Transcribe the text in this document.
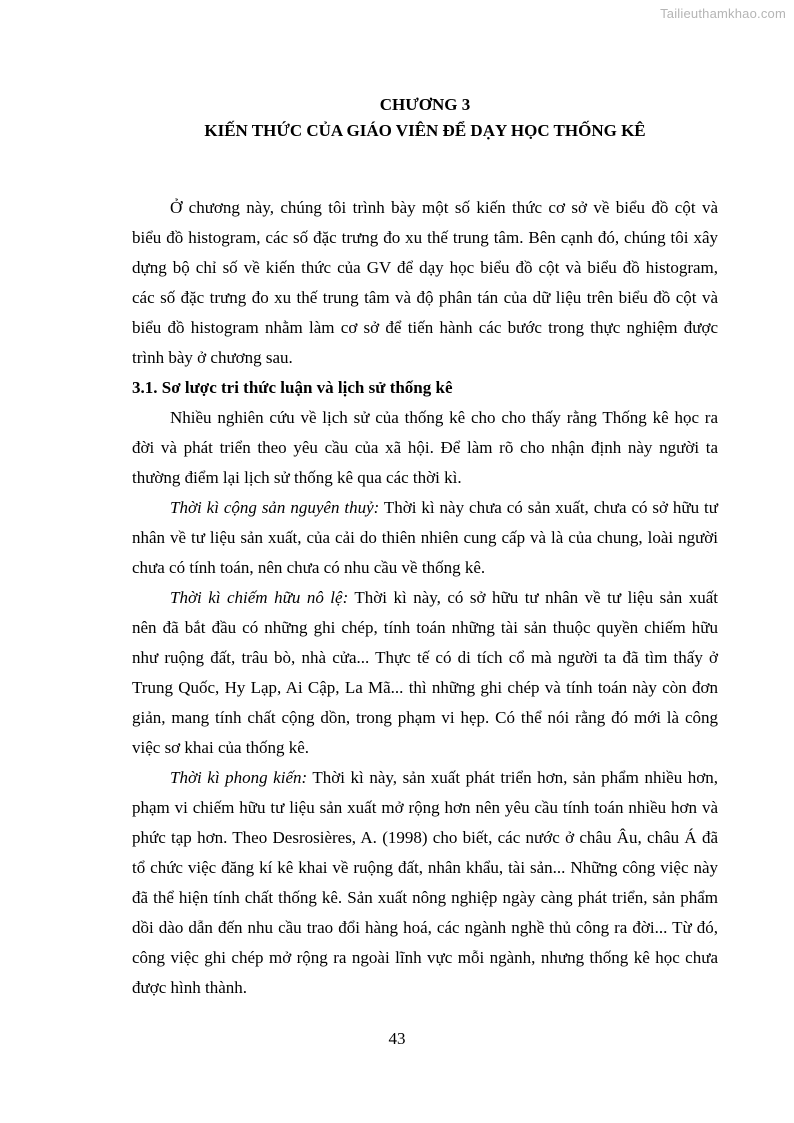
Tailieuthamkhao.com

CHƯƠNG 3

KIẾN THỨC CỦA GIÁO VIÊN ĐỂ DẠY HỌC THỐNG KÊ

Ở chương này, chúng tôi trình bày một số kiến thức cơ sở về biểu đồ cột và
biểu đồ histogram, các số đặc trưng đo xu thế trung tâm. Bên cạnh đó, chúng tôi xây
dựng bộ chỉ số về kiến thức của GV để dạy học biểu đồ cột và biểu đồ histogram,
các số đặc trưng đo xu thế trung tâm và độ phân tán của dữ liệu trên biểu đồ cột và
biểu đồ histogram nhằm làm cơ sở để tiến hành các bước trong thực nghiệm được
trình bày ở chương sau.

3.1. Sơ lược tri thức luận và lịch sử thống kê

Nhiều nghiên cứu về lịch sử của thống kê cho cho thấy rằng Thống kê học ra
đời và phát triển theo yêu cầu của xã hội. Để làm rõ cho nhận định này người ta
thường điểm lại lịch sử thống kê qua các thời kì.
Thời kì cộng sản nguyên thuỷ: Thời kì này chưa có sản xuất, chưa có sở hữu tư
nhân về tư liệu sản xuất, của cải do thiên nhiên cung cấp và là của chung, loài người
chưa có tính toán, nên chưa có nhu cầu về thống kê.
Thời kì chiếm hữu nô lệ: Thời kì này, có sở hữu tư nhân về tư liệu sản xuất
nên đã bắt đầu có những ghi chép, tính toán những tài sản thuộc quyền chiếm hữu
như ruộng đất, trâu bò, nhà cửa... Thực tế có di tích cổ mà người ta đã tìm thấy ở
Trung Quốc, Hy Lạp, Ai Cập, La Mã... thì những ghi chép và tính toán này còn đơn
giản, mang tính chất cộng dồn, trong phạm vi hẹp. Có thể nói rằng đó mới là công
việc sơ khai của thống kê.
Thời kì phong kiến: Thời kì này, sản xuất phát triển hơn, sản phẩm nhiều hơn,
phạm vi chiếm hữu tư liệu sản xuất mở rộng hơn nên yêu cầu tính toán nhiều hơn và
phức tạp hơn. Theo Desrosières, A. (1998) cho biết, các nước ở châu Âu, châu Á đã
tổ chức việc đăng kí kê khai về ruộng đất, nhân khẩu, tài sản... Những công việc này
đã thể hiện tính chất thống kê. Sản xuất nông nghiệp ngày càng phát triển, sản phẩm
dồi dào dẫn đến nhu cầu trao đổi hàng hoá, các ngành nghề thủ công ra đời... Từ đó,
công việc ghi chép mở rộng ra ngoài lĩnh vực mỗi ngành, nhưng thống kê học chưa
được hình thành.
43
